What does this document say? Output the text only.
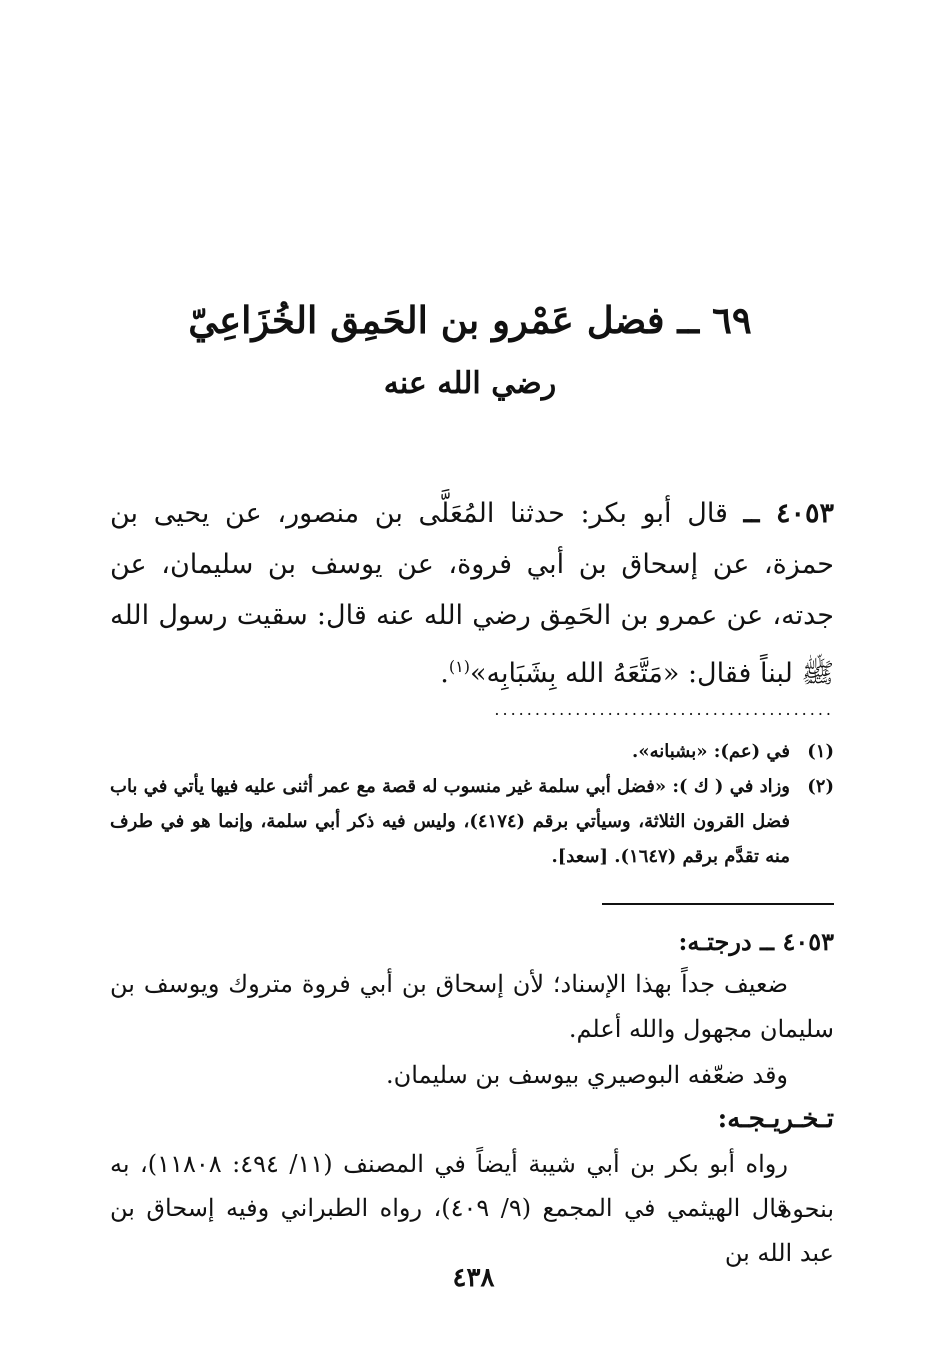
٦٩ ــ فضل عَمْرو بن الحَمِق الخُزَاعِيّ
رضي الله عنه
٤٠٥٣ ــ قال أبو بكر: حدثنا المُعَلَّى بن منصور، عن يحيى بن حمزة، عن إسحاق بن أبي فروة، عن يوسف بن سليمان، عن جدته، عن عمرو بن الحَمِق رضي الله عنه قال: سقيت رسول الله ﷺ لبناً فقال: «مَتَّعَهُ الله بِشَبَابِه»$^{(١)}$.
..........................................
(١)
في (عم): «بشبانه».
(٢)
وزاد في ( ك ): «فضل أبي سلمة غير منسوب له قصة مع عمر أثنى عليه فيها يأتي في باب فضل القرون الثلاثة، وسيأتي برقم (٤١٧٤)، وليس فيه ذكر أبي سلمة، وإنما هو في طرف منه تقدَّم برقم (١٦٤٧). [سعد].
٤٠٥٣ ــ درجتـه:
ضعيف جداً بهذا الإسناد؛ لأن إسحاق بن أبي فروة متروك ويوسف بن سليمان مجهول والله أعلم.
وقد ضعّفه البوصيري بيوسف بن سليمان.
تـخـريـجـه:
رواه أبو بكر بن أبي شيبة أيضاً في المصنف (١١/ ٤٩٤: ١١٨٠٨)، به بنحوه.
قال الهيثمي في المجمع (٩/ ٤٠٩)، رواه الطبراني وفيه إسحاق بن عبد الله بن
٤٣٨
